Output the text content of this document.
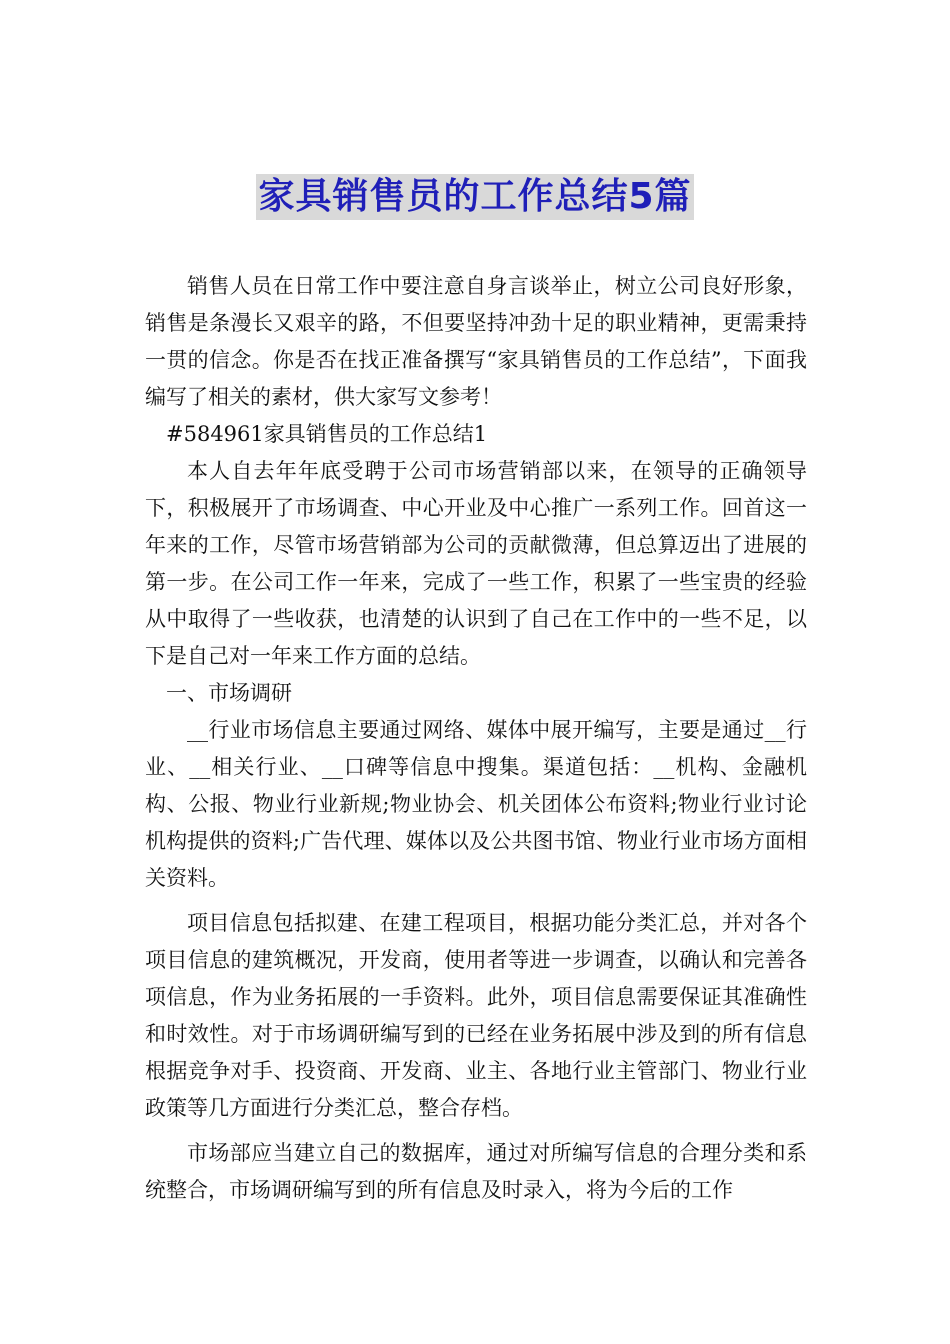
家具销售员的工作总结5篇

销售人员在日常工作中要注意自身言谈举止，树立公司良好形象，销售是条漫长又艰辛的路，不但要坚持冲劲十足的职业精神，更需秉持一贯的信念。你是否在找正准备撰写“家具销售员的工作总结”，下面我编写了相关的素材，供大家写文参考！

#584961家具销售员的工作总结1

本人自去年年底受聘于公司市场营销部以来，在领导的正确领导下，积极展开了市场调查、中心开业及中心推广一系列工作。回首这一年来的工作，尽管市场营销部为公司的贡献微薄，但总算迈出了进展的第一步。在公司工作一年来，完成了一些工作，积累了一些宝贵的经验从中取得了一些收获，也清楚的认识到了自己在工作中的一些不足，以下是自己对一年来工作方面的总结。

一、市场调研

__行业市场信息主要通过网络、媒体中展开编写，主要是通过__行业、__相关行业、__口碑等信息中搜集。渠道包括：__机构、金融机构、公报、物业行业新规;物业协会、机关团体公布资料;物业行业讨论机构提供的资料;广告代理、媒体以及公共图书馆、物业行业市场方面相关资料。

项目信息包括拟建、在建工程项目，根据功能分类汇总，并对各个项目信息的建筑概况，开发商，使用者等进一步调查，以确认和完善各项信息，作为业务拓展的一手资料。此外，项目信息需要保证其准确性和时效性。对于市场调研编写到的已经在业务拓展中涉及到的所有信息根据竞争对手、投资商、开发商、业主、各地行业主管部门、物业行业政策等几方面进行分类汇总，整合存档。

市场部应当建立自己的数据库，通过对所编写信息的合理分类和系统整合，市场调研编写到的所有信息及时录入，将为今后的工作
